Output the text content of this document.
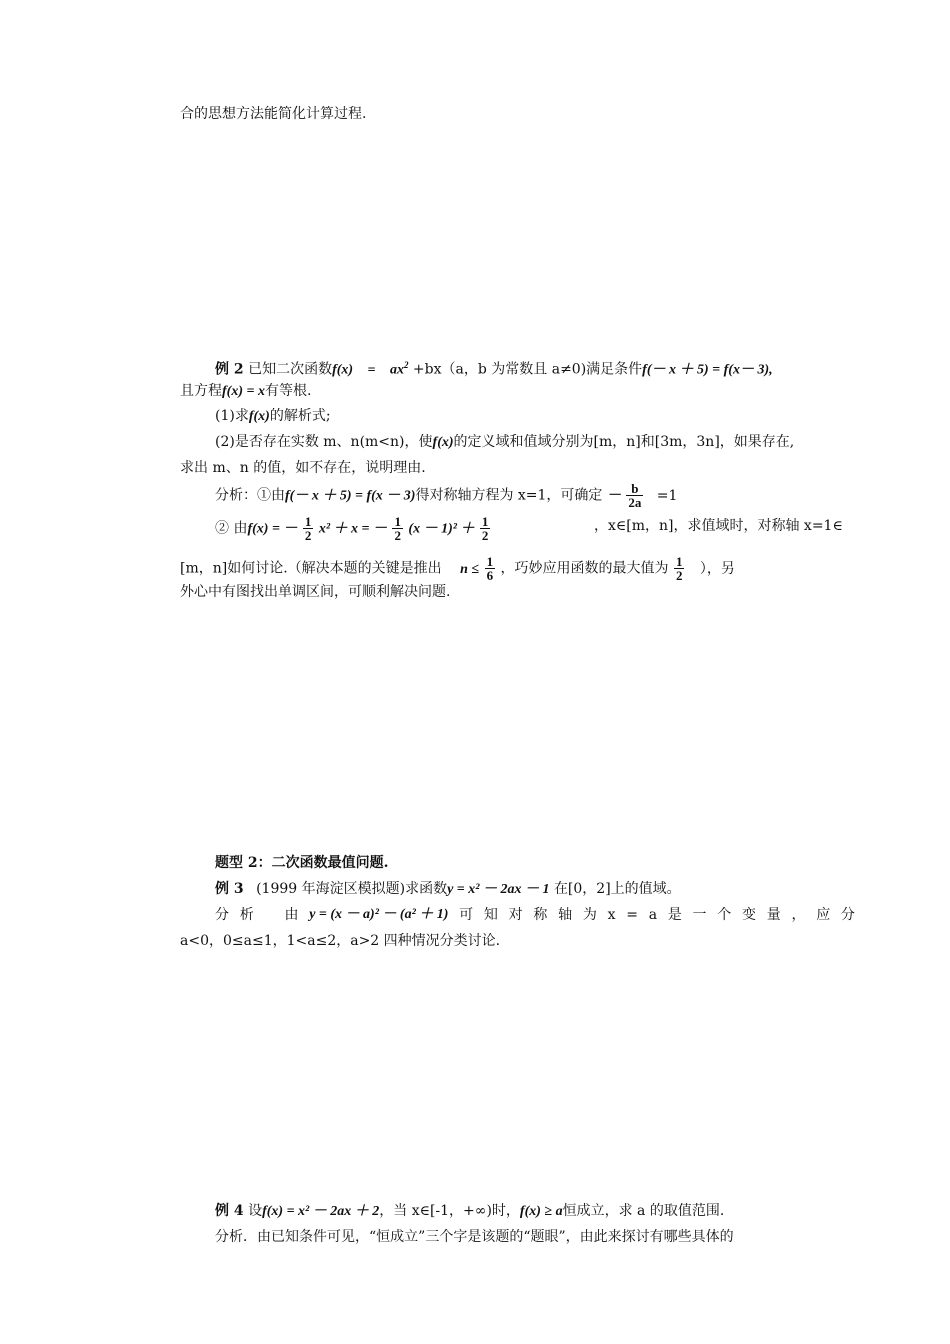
合的思想方法能简化计算过程.
例 2 已知二次函数$f(x) = ax^2 +bx(a$，b 为常数且 a≠0)满足条件f(－ x ＋ 5) = f(x－ 3),
且方程f(x) = x有等根.
(1)求f(x)的解析式;
(2)是否存在实数 m、n(m<n)，使f(x)的定义域和值域分别为[m，n]和[3m，3n]，如果存在,
求出 m、n 的值，如不存在，说明理由.
分析：①由f(－ x ＋ 5) = f(x － 3)得对称轴方程为 x=1，可确定 － $\frac{b}{2a} =1$
② 由f(x) = － $\frac{1}{2} x^2 + x$ = － $\frac{1}{2} (x - 1)^2 + \frac{1}{2}$	，x∈[m，n]，求值域时，对称轴 x=1∈
[m，n]如何讨论.（解决本题的关键是推出 $n \le \frac{1}{6}$ ，巧妙应用函数的最大值为 $\frac{1}{2}$ ），另
外心中有图找出单调区间，可顺利解决问题.
题型 2：二次函数最值问题.
例 3 (1999 年海淀区模拟题)求函数y = x² － 2ax － 1 在[0，2]上的值域。
分 析 由 y = (x － a)² － (a² ＋ 1) 可 知 对 称 轴 为 x = a 是 一 个 变 量 ， 应 分
a<0，0≤a≤1，1<a≤2，a>2 四种情况分类讨论.
例 4 设f(x) = x² － 2ax ＋ 2，当 x∈[-1，+∞)时，f(x) ≥ a恒成立，求 a 的取值范围.
分析．由已知条件可见，“恒成立”三个字是该题的“题眼”，由此来探讨有哪些具体的
